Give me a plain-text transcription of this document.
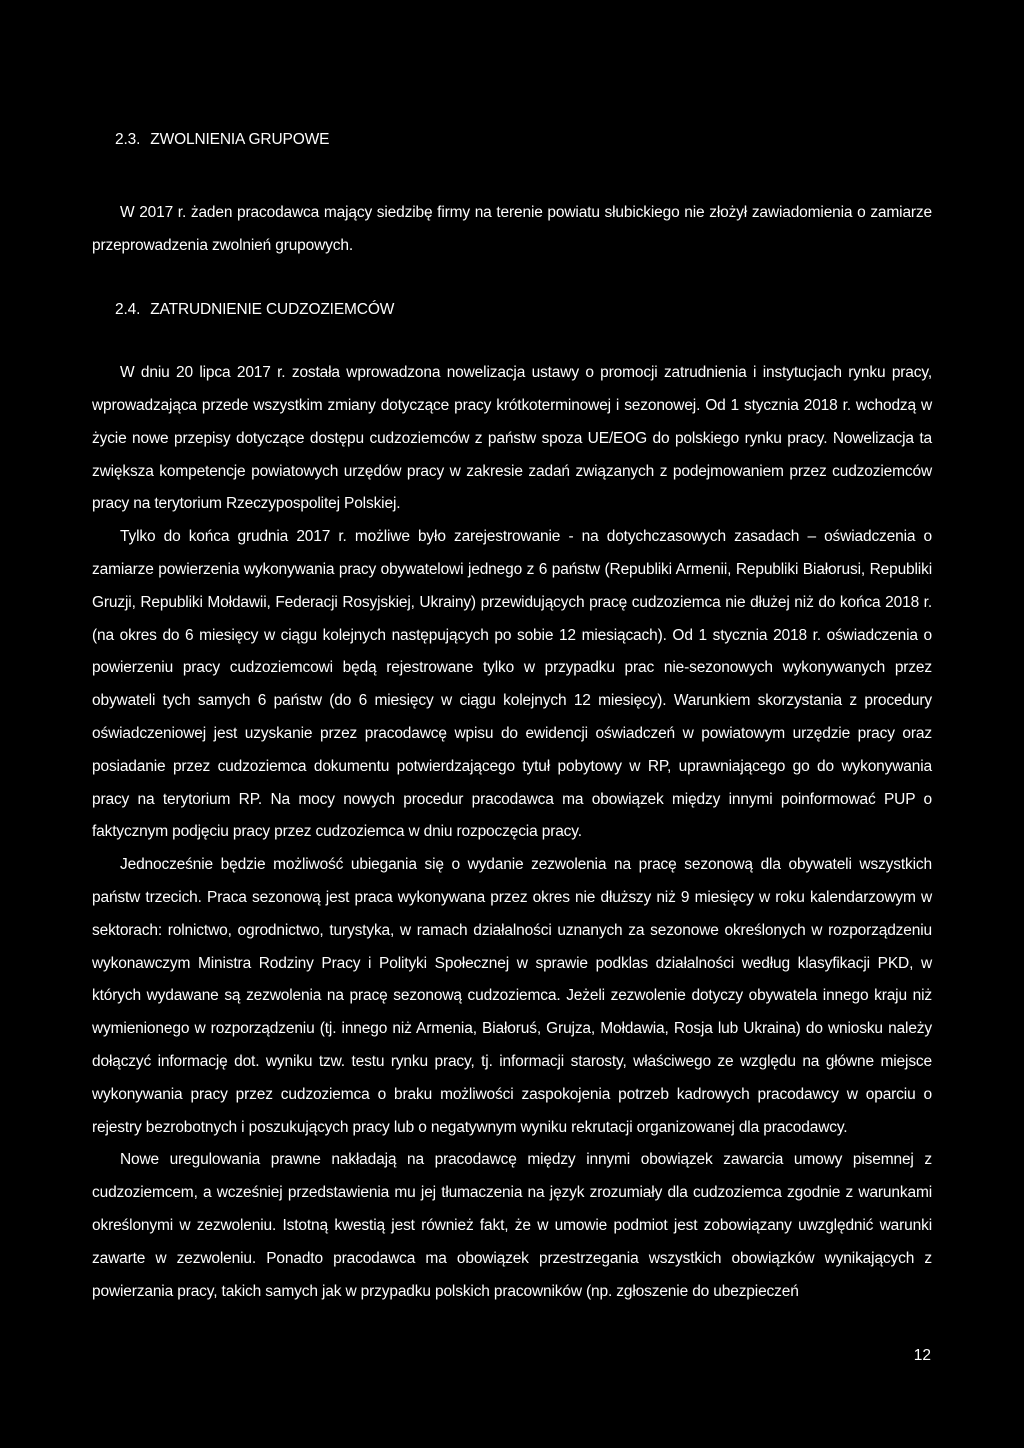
2.3. ZWOLNIENIA GRUPOWE

W 2017 r. żaden pracodawca mający siedzibę firmy na terenie powiatu słubickiego nie złożył zawiadomienia o zamiarze przeprowadzenia zwolnień grupowych.

2.4. ZATRUDNIENIE CUDZOZIEMCÓW

W dniu 20 lipca 2017 r. została wprowadzona nowelizacja ustawy o promocji zatrudnienia i instytucjach rynku pracy, wprowadzająca przede wszystkim zmiany dotyczące pracy krótkoterminowej i sezonowej. Od 1 stycznia 2018 r. wchodzą w życie nowe przepisy dotyczące dostępu cudzoziemców z państw spoza UE/EOG do polskiego rynku pracy. Nowelizacja ta zwiększa kompetencje powiatowych urzędów pracy w zakresie zadań związanych z podejmowaniem przez cudzoziemców pracy na terytorium Rzeczypospolitej Polskiej.

Tylko do końca grudnia 2017 r. możliwe było zarejestrowanie - na dotychczasowych zasadach – oświadczenia o zamiarze powierzenia wykonywania pracy obywatelowi jednego z 6 państw (Republiki Armenii, Republiki Białorusi, Republiki Gruzji, Republiki Mołdawii, Federacji Rosyjskiej, Ukrainy) przewidujących pracę cudzoziemca nie dłużej niż do końca 2018 r. (na okres do 6 miesięcy w ciągu kolejnych następujących po sobie 12 miesiącach). Od 1 stycznia 2018 r. oświadczenia o powierzeniu pracy cudzoziemcowi będą rejestrowane tylko w przypadku prac nie-sezonowych wykonywanych przez obywateli tych samych 6 państw (do 6 miesięcy w ciągu kolejnych 12 miesięcy). Warunkiem skorzystania z procedury oświadczeniowej jest uzyskanie przez pracodawcę wpisu do ewidencji oświadczeń w powiatowym urzędzie pracy oraz posiadanie przez cudzoziemca dokumentu potwierdzającego tytuł pobytowy w RP, uprawniającego go do wykonywania pracy na terytorium RP. Na mocy nowych procedur pracodawca ma obowiązek między innymi poinformować PUP o faktycznym podjęciu pracy przez cudzoziemca w dniu rozpoczęcia pracy.

Jednocześnie będzie możliwość ubiegania się o wydanie zezwolenia na pracę sezonową dla obywateli wszystkich państw trzecich. Praca sezonową jest praca wykonywana przez okres nie dłuższy niż 9 miesięcy w roku kalendarzowym w sektorach: rolnictwo, ogrodnictwo, turystyka, w ramach działalności uznanych za sezonowe określonych w rozporządzeniu wykonawczym Ministra Rodziny Pracy i Polityki Społecznej w sprawie podklas działalności według klasyfikacji PKD, w których wydawane są zezwolenia na pracę sezonową cudzoziemca. Jeżeli zezwolenie dotyczy obywatela innego kraju niż wymienionego w rozporządzeniu (tj. innego niż Armenia, Białoruś, Grujza, Mołdawia, Rosja lub Ukraina) do wniosku należy dołączyć informację dot. wyniku tzw. testu rynku pracy, tj. informacji starosty, właściwego ze względu na główne miejsce wykonywania pracy przez cudzoziemca o braku możliwości zaspokojenia potrzeb kadrowych pracodawcy w oparciu o rejestry bezrobotnych i poszukujących pracy lub o negatywnym wyniku rekrutacji organizowanej dla pracodawcy.

Nowe uregulowania prawne nakładają na pracodawcę między innymi obowiązek zawarcia umowy pisemnej z cudzoziemcem, a wcześniej przedstawienia mu jej tłumaczenia na język zrozumiały dla cudzoziemca zgodnie z warunkami określonymi w zezwoleniu. Istotną kwestią jest również fakt, że w umowie podmiot jest zobowiązany uwzględnić warunki zawarte w zezwoleniu. Ponadto pracodawca ma obowiązek przestrzegania wszystkich obowiązków wynikających z powierzania pracy, takich samych jak w przypadku polskich pracowników (np. zgłoszenie do ubezpieczeń

12
